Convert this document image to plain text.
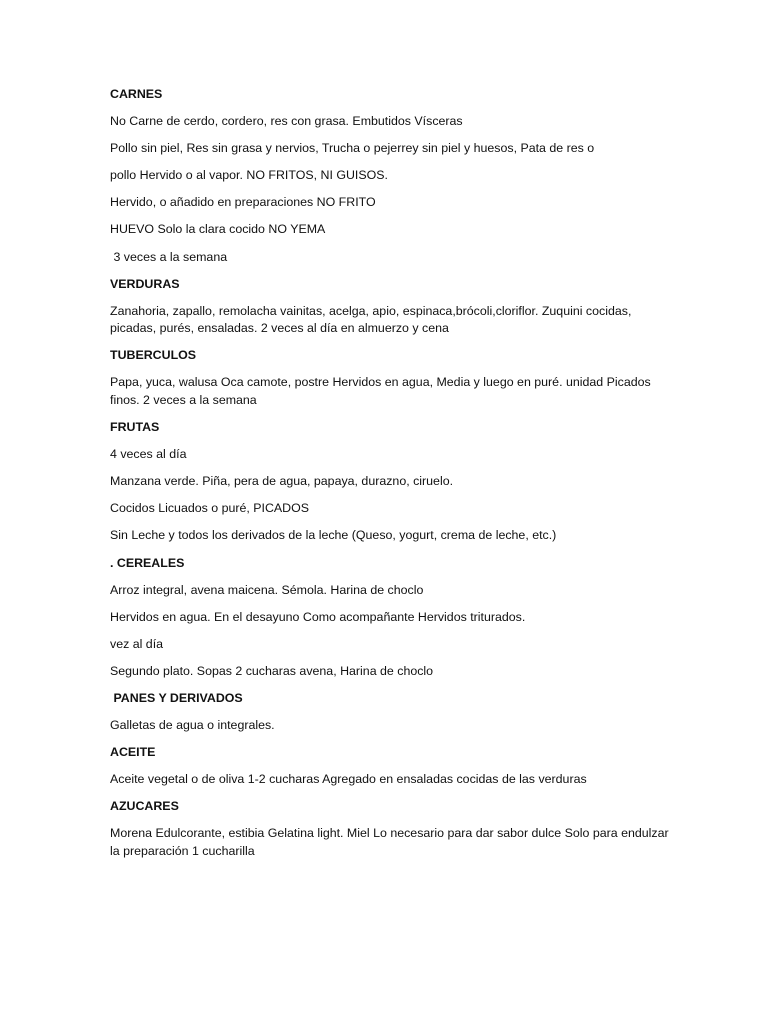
CARNES

No Carne de cerdo, cordero, res con grasa. Embutidos Vísceras

Pollo sin piel, Res sin grasa y nervios, Trucha o pejerrey sin piel y huesos, Pata de res o

pollo Hervido o al vapor. NO FRITOS, NI GUISOS.

Hervido, o añadido en preparaciones NO FRITO

HUEVO Solo la clara cocido NO YEMA

3 veces a la semana

VERDURAS

Zanahoria, zapallo, remolacha vainitas, acelga, apio, espinaca,brócoli,cloriflor. Zuquini cocidas, picadas, purés, ensaladas. 2 veces al día en almuerzo y cena

TUBERCULOS

Papa, yuca, walusa Oca camote, postre Hervidos en agua, Media y luego en puré. unidad Picados finos. 2 veces a la semana

FRUTAS

4 veces al día

Manzana verde. Piña, pera de agua, papaya, durazno, ciruelo.

Cocidos Licuados o puré, PICADOS

Sin Leche y todos los derivados de la leche (Queso, yogurt, crema de leche, etc.)

. CEREALES

Arroz integral, avena maicena. Sémola. Harina de choclo

Hervidos en agua. En el desayuno Como acompañante Hervidos triturados.

vez al día

Segundo plato. Sopas 2 cucharas avena, Harina de choclo

PANES Y DERIVADOS

Galletas de agua o integrales.

ACEITE

Aceite vegetal o de oliva 1-2 cucharas Agregado en ensaladas cocidas de las verduras

AZUCARES

Morena Edulcorante, estibia Gelatina light. Miel Lo necesario para dar sabor dulce Solo para endulzar la preparación 1 cucharilla
